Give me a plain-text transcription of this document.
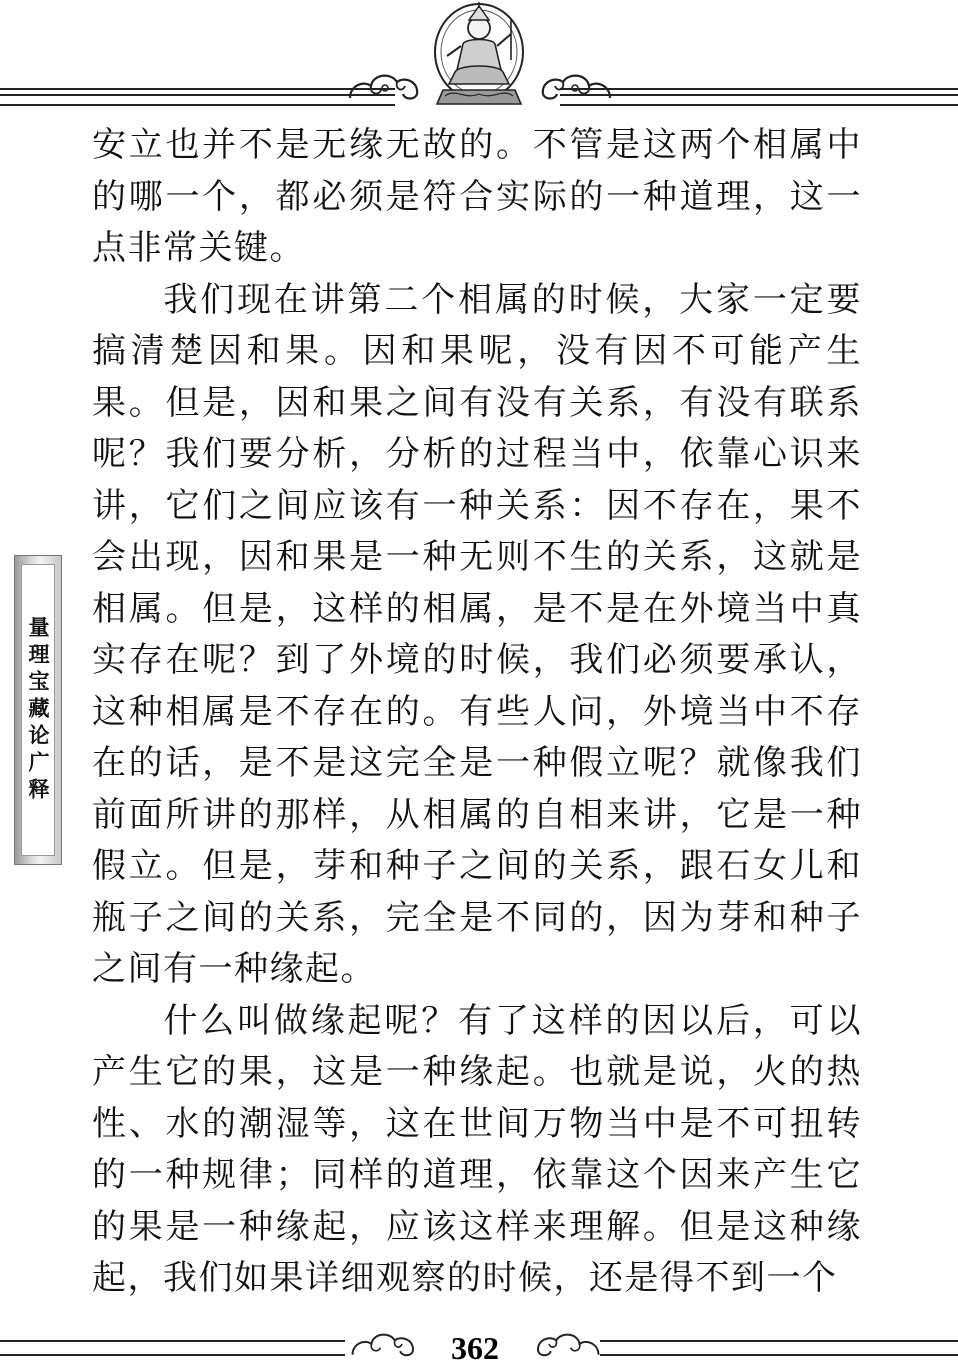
量理宝藏论广释

安立也并不是无缘无故的。不管是这两个相属中的哪一个，都必须是符合实际的一种道理，这一点非常关键。

我们现在讲第二个相属的时候，大家一定要搞清楚因和果。因和果呢，没有因不可能产生果。但是，因和果之间有没有关系，有没有联系呢？我们要分析，分析的过程当中，依靠心识来讲，它们之间应该有一种关系：因不存在，果不会出现，因和果是一种无则不生的关系，这就是相属。但是，这样的相属，是不是在外境当中真实存在呢？到了外境的时候，我们必须要承认，这种相属是不存在的。有些人问，外境当中不存在的话，是不是这完全是一种假立呢？就像我们前面所讲的那样，从相属的自相来讲，它是一种假立。但是，芽和种子之间的关系，跟石女儿和瓶子之间的关系，完全是不同的，因为芽和种子之间有一种缘起。

什么叫做缘起呢？有了这样的因以后，可以产生它的果，这是一种缘起。也就是说，火的热性、水的潮湿等，这在世间万物当中是不可扭转的一种规律；同样的道理，依靠这个因来产生它的果是一种缘起，应该这样来理解。但是这种缘起，我们如果详细观察的时候，还是得不到一个

362
